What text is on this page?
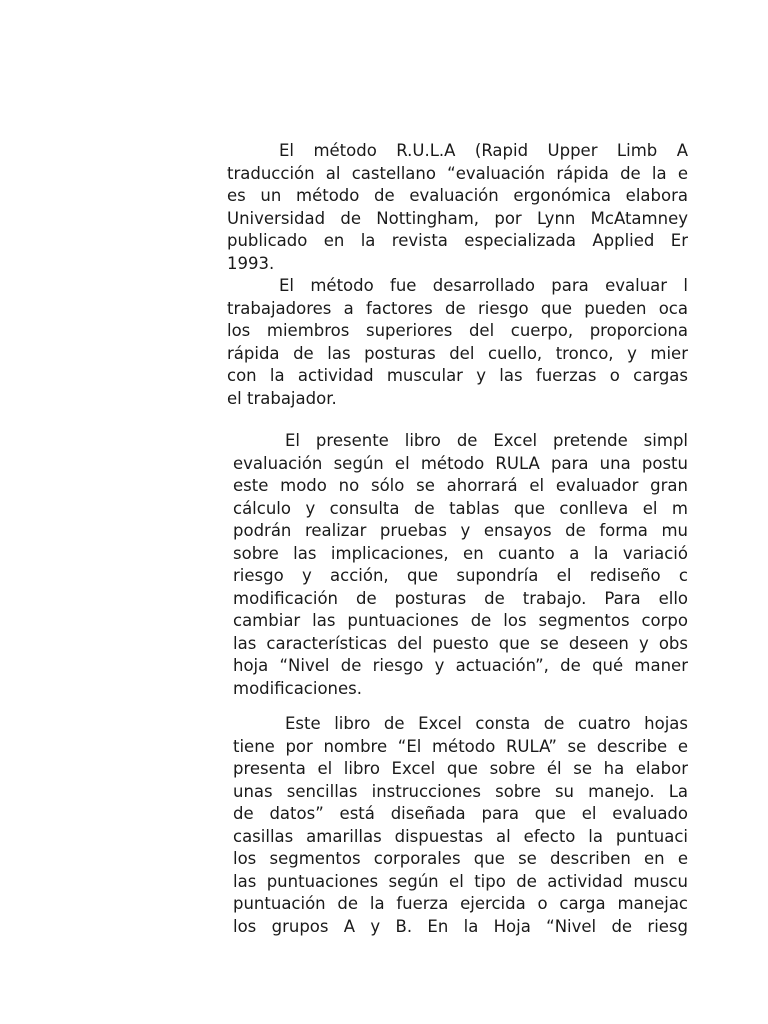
El método R.U.L.A (Rapid Upper Limb A

traducción al castellano “evaluación rápida de la e

es un método de evaluación ergonómica elabora

Universidad de Nottingham, por Lynn McAtamney

publicado en la revista especializada Applied Er

1993.

El método fue desarrollado para evaluar l

trabajadores a factores de riesgo que pueden oca

los miembros superiores del cuerpo, proporciona

rápida de las posturas del cuello, tronco, y mier

con la actividad muscular y las fuerzas o cargas

el trabajador.

El presente libro de Excel pretende simpl

evaluación según el método RULA para una postu

este modo no sólo se ahorrará el evaluador gran

cálculo y consulta de tablas que conlleva el m

podrán realizar pruebas y ensayos de forma mu

sobre las implicaciones, en cuanto a la variació

riesgo y acción, que supondría el rediseño c

modificación de posturas de trabajo. Para ello

cambiar las puntuaciones de los segmentos corpo

las características del puesto que se deseen y obs

hoja “Nivel de riesgo y actuación”, de qué maner

modificaciones.

Este libro de Excel consta de cuatro hojas

tiene por nombre “El método RULA” se describe e

presenta el libro Excel que sobre él se ha elabor

unas sencillas instrucciones sobre su manejo. La

de datos” está diseñada para que el evaluado

casillas amarillas dispuestas al efecto la puntuaci

los segmentos corporales que se describen en e

las puntuaciones según el tipo de actividad muscu

puntuación de la fuerza ejercida o carga manejac

los grupos A y B. En la Hoja “Nivel de riesg
